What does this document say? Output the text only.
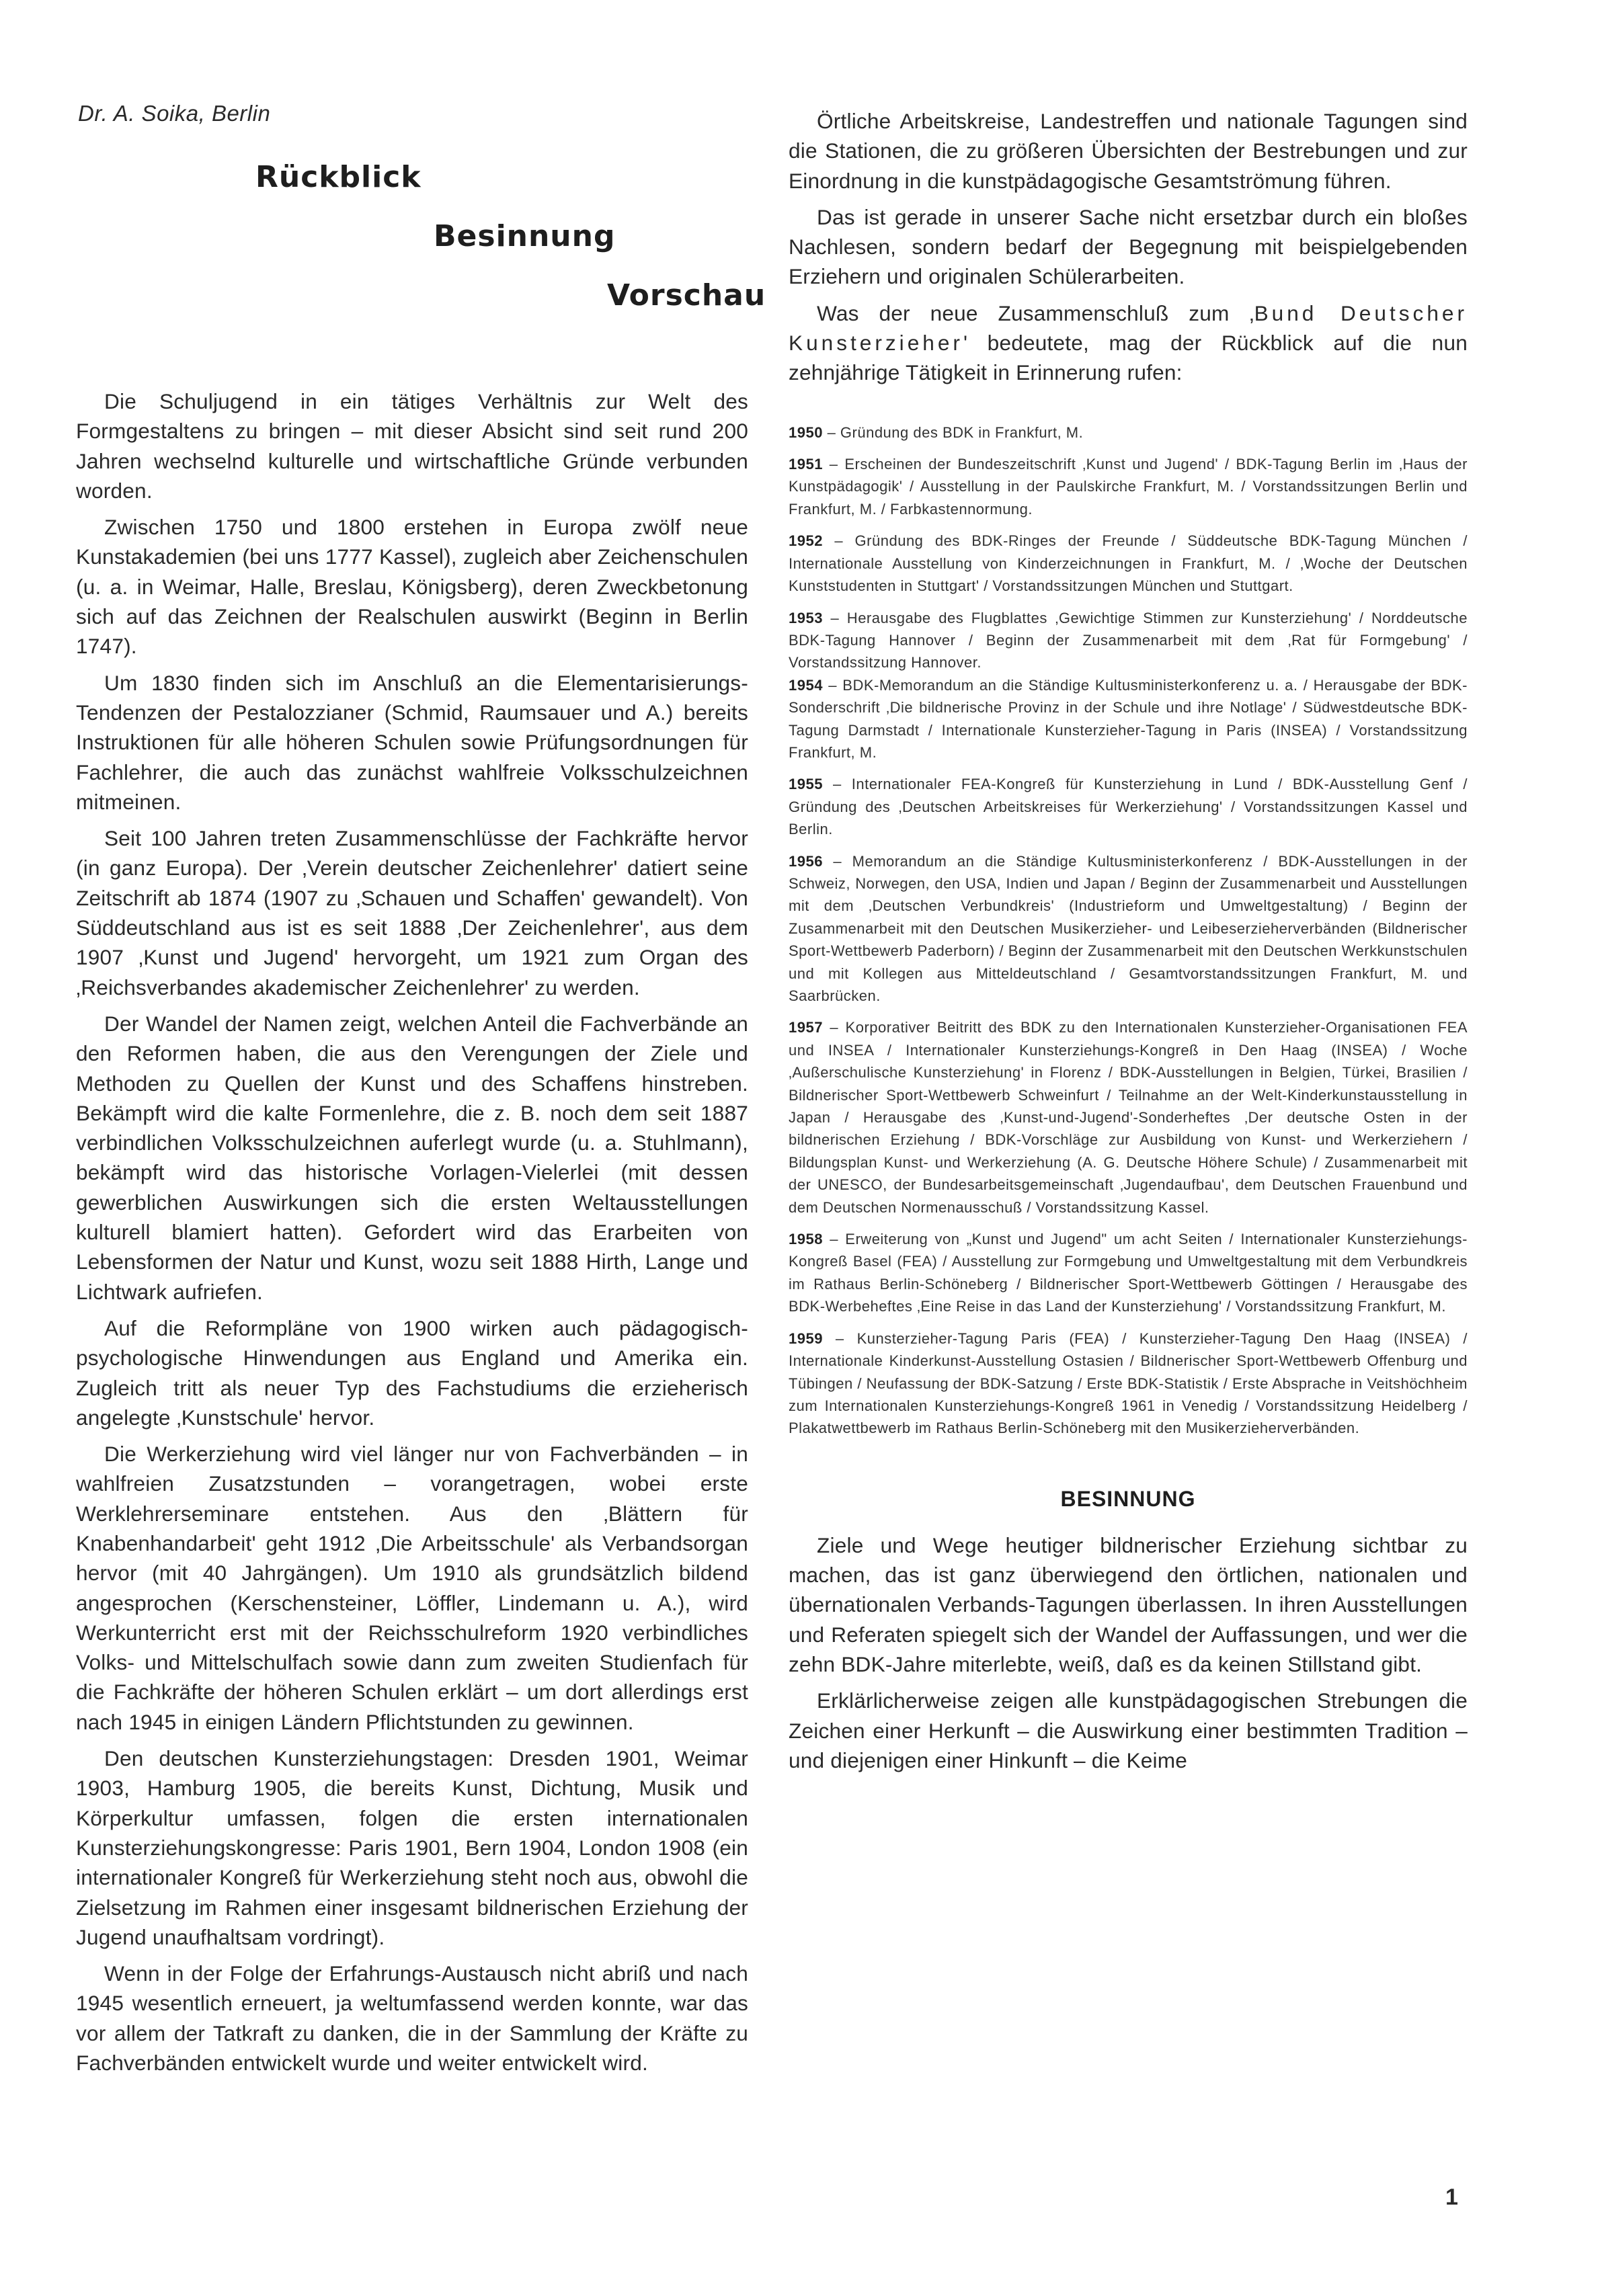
Dr. A. Soika, Berlin
Rückblick
Besinnung
Vorschau

Die Schuljugend in ein tätiges Verhältnis zur Welt des Formgestaltens zu bringen – mit dieser Absicht sind seit rund 200 Jahren wechselnd kulturelle und wirtschaftliche Gründe verbunden worden.

Zwischen 1750 und 1800 erstehen in Europa zwölf neue Kunstakademien (bei uns 1777 Kassel), zugleich aber Zeichenschulen (u. a. in Weimar, Halle, Breslau, Königsberg), deren Zweckbetonung sich auf das Zeichnen der Realschulen auswirkt (Beginn in Berlin 1747).

Um 1830 finden sich im Anschluß an die Elementarisierungs-Tendenzen der Pestalozzianer (Schmid, Raumsauer und A.) bereits Instruktionen für alle höheren Schulen sowie Prüfungsordnungen für Fachlehrer, die auch das zunächst wahlfreie Volksschulzeichnen mitmeinen.

Seit 100 Jahren treten Zusammenschlüsse der Fachkräfte hervor (in ganz Europa). Der ‚Verein deutscher Zeichenlehrer' datiert seine Zeitschrift ab 1874 (1907 zu ‚Schauen und Schaffen' gewandelt). Von Süddeutschland aus ist es seit 1888 ‚Der Zeichenlehrer', aus dem 1907 ‚Kunst und Jugend' hervorgeht, um 1921 zum Organ des ‚Reichsverbandes akademischer Zeichenlehrer' zu werden.

Der Wandel der Namen zeigt, welchen Anteil die Fachverbände an den Reformen haben, die aus den Verengungen der Ziele und Methoden zu Quellen der Kunst und des Schaffens hinstreben. Bekämpft wird die kalte Formenlehre, die z. B. noch dem seit 1887 verbindlichen Volksschulzeichnen auferlegt wurde (u. a. Stuhlmann), bekämpft wird das historische Vorlagen-Vielerlei (mit dessen gewerblichen Auswirkungen sich die ersten Weltausstellungen kulturell blamiert hatten). Gefordert wird das Erarbeiten von Lebensformen der Natur und Kunst, wozu seit 1888 Hirth, Lange und Lichtwark aufriefen.

Auf die Reformpläne von 1900 wirken auch pädagogisch-psychologische Hinwendungen aus England und Amerika ein. Zugleich tritt als neuer Typ des Fachstudiums die erzieherisch angelegte ‚Kunstschule' hervor.

Die Werkerziehung wird viel länger nur von Fachverbänden – in wahlfreien Zusatzstunden – vorangetragen, wobei erste Werklehrerseminare entstehen. Aus den ‚Blättern für Knabenhandarbeit' geht 1912 ‚Die Arbeitsschule' als Verbandsorgan hervor (mit 40 Jahrgängen). Um 1910 als grundsätzlich bildend angesprochen (Kerschensteiner, Löffler, Lindemann u. A.), wird Werkunterricht erst mit der Reichsschulreform 1920 verbindliches Volks- und Mittelschulfach sowie dann zum zweiten Studienfach für die Fachkräfte der höheren Schulen erklärt – um dort allerdings erst nach 1945 in einigen Ländern Pflichtstunden zu gewinnen.

Den deutschen Kunsterziehungstagen: Dresden 1901, Weimar 1903, Hamburg 1905, die bereits Kunst, Dichtung, Musik und Körperkultur umfassen, folgen die ersten internationalen Kunsterziehungskongresse: Paris 1901, Bern 1904, London 1908 (ein internationaler Kongreß für Werkerziehung steht noch aus, obwohl die Zielsetzung im Rahmen einer insgesamt bildnerischen Erziehung der Jugend unaufhaltsam vordringt).

Wenn in der Folge der Erfahrungs-Austausch nicht abriß und nach 1945 wesentlich erneuert, ja weltumfassend werden konnte, war das vor allem der Tatkraft zu danken, die in der Sammlung der Kräfte zu Fachverbänden entwickelt wurde und weiter entwickelt wird.

Örtliche Arbeitskreise, Landestreffen und nationale Tagungen sind die Stationen, die zu größeren Übersichten der Bestrebungen und zur Einordnung in die kunstpädagogische Gesamtströmung führen.

Das ist gerade in unserer Sache nicht ersetzbar durch ein bloßes Nachlesen, sondern bedarf der Begegnung mit beispielgebenden Erziehern und originalen Schülerarbeiten.

Was der neue Zusammenschluß zum ‚Bund Deutscher Kunsterzieher' bedeutete, mag der Rückblick auf die nun zehnjährige Tätigkeit in Erinnerung rufen:

1950 – Gründung des BDK in Frankfurt, M.

1951 – Erscheinen der Bundeszeitschrift ‚Kunst und Jugend' / BDK-Tagung Berlin im ‚Haus der Kunstpädagogik' / Ausstellung in der Paulskirche Frankfurt, M. / Vorstandssitzungen Berlin und Frankfurt, M. / Farbkastennormung.

1952 – Gründung des BDK-Ringes der Freunde / Süddeutsche BDK-Tagung München / Internationale Ausstellung von Kinderzeichnungen in Frankfurt, M. / ‚Woche der Deutschen Kunststudenten in Stuttgart' / Vorstandssitzungen München und Stuttgart.

1953 – Herausgabe des Flugblattes ‚Gewichtige Stimmen zur Kunsterziehung' / Norddeutsche BDK-Tagung Hannover / Beginn der Zusammenarbeit mit dem ‚Rat für Formgebung' / Vorstandssitzung Hannover.

1954 – BDK-Memorandum an die Ständige Kultusministerkonferenz u. a. / Herausgabe der BDK-Sonderschrift ‚Die bildnerische Provinz in der Schule und ihre Notlage' / Südwestdeutsche BDK-Tagung Darmstadt / Internationale Kunsterzieher-Tagung in Paris (INSEA) / Vorstandssitzung Frankfurt, M.

1955 – Internationaler FEA-Kongreß für Kunsterziehung in Lund / BDK-Ausstellung Genf / Gründung des ‚Deutschen Arbeitskreises für Werkerziehung' / Vorstandssitzungen Kassel und Berlin.

1956 – Memorandum an die Ständige Kultusministerkonferenz / BDK-Ausstellungen in der Schweiz, Norwegen, den USA, Indien und Japan / Beginn der Zusammenarbeit und Ausstellungen mit dem ‚Deutschen Verbundkreis' (Industrieform und Umweltgestaltung) / Beginn der Zusammenarbeit mit den Deutschen Musikerzieher- und Leibeserzieherverbänden (Bildnerischer Sport-Wettbewerb Paderborn) / Beginn der Zusammenarbeit mit den Deutschen Werkkunstschulen und mit Kollegen aus Mitteldeutschland / Gesamtvorstandssitzungen Frankfurt, M. und Saarbrücken.

1957 – Korporativer Beitritt des BDK zu den Internationalen Kunsterzieher-Organisationen FEA und INSEA / Internationaler Kunsterziehungs-Kongreß in Den Haag (INSEA) / Woche ‚Außerschulische Kunsterziehung' in Florenz / BDK-Ausstellungen in Belgien, Türkei, Brasilien / Bildnerischer Sport-Wettbewerb Schweinfurt / Teilnahme an der Welt-Kinderkunstausstellung in Japan / Herausgabe des ‚Kunst-und-Jugend'-Sonderheftes ‚Der deutsche Osten in der bildnerischen Erziehung / BDK-Vorschläge zur Ausbildung von Kunst- und Werkerziehern / Bildungsplan Kunst- und Werkerziehung (A. G. Deutsche Höhere Schule) / Zusammenarbeit mit der UNESCO, der Bundesarbeitsgemeinschaft ‚Jugendaufbau', dem Deutschen Frauenbund und dem Deutschen Normenausschuß / Vorstandssitzung Kassel.

1958 – Erweiterung von „Kunst und Jugend" um acht Seiten / Internationaler Kunsterziehungs-Kongreß Basel (FEA) / Ausstellung zur Formgebung und Umweltgestaltung mit dem Verbundkreis im Rathaus Berlin-Schöneberg / Bildnerischer Sport-Wettbewerb Göttingen / Herausgabe des BDK-Werbeheftes ‚Eine Reise in das Land der Kunsterziehung' / Vorstandssitzung Frankfurt, M.

1959 – Kunsterzieher-Tagung Paris (FEA) / Kunsterzieher-Tagung Den Haag (INSEA) / Internationale Kinderkunst-Ausstellung Ostasien / Bildnerischer Sport-Wettbewerb Offenburg und Tübingen / Neufassung der BDK-Satzung / Erste BDK-Statistik / Erste Absprache in Veitshöchheim zum Internationalen Kunsterziehungs-Kongreß 1961 in Venedig / Vorstandssitzung Heidelberg / Plakatwettbewerb im Rathaus Berlin-Schöneberg mit den Musikerzieherverbänden.

BESINNUNG

Ziele und Wege heutiger bildnerischer Erziehung sichtbar zu machen, das ist ganz überwiegend den örtlichen, nationalen und übernationalen Verbands-Tagungen überlassen. In ihren Ausstellungen und Referaten spiegelt sich der Wandel der Auffassungen, und wer die zehn BDK-Jahre miterlebte, weiß, daß es da keinen Stillstand gibt.

Erklärlicherweise zeigen alle kunstpädagogischen Strebungen die Zeichen einer Herkunft – die Auswirkung einer bestimmten Tradition – und diejenigen einer Hinkunft – die Keime

1
